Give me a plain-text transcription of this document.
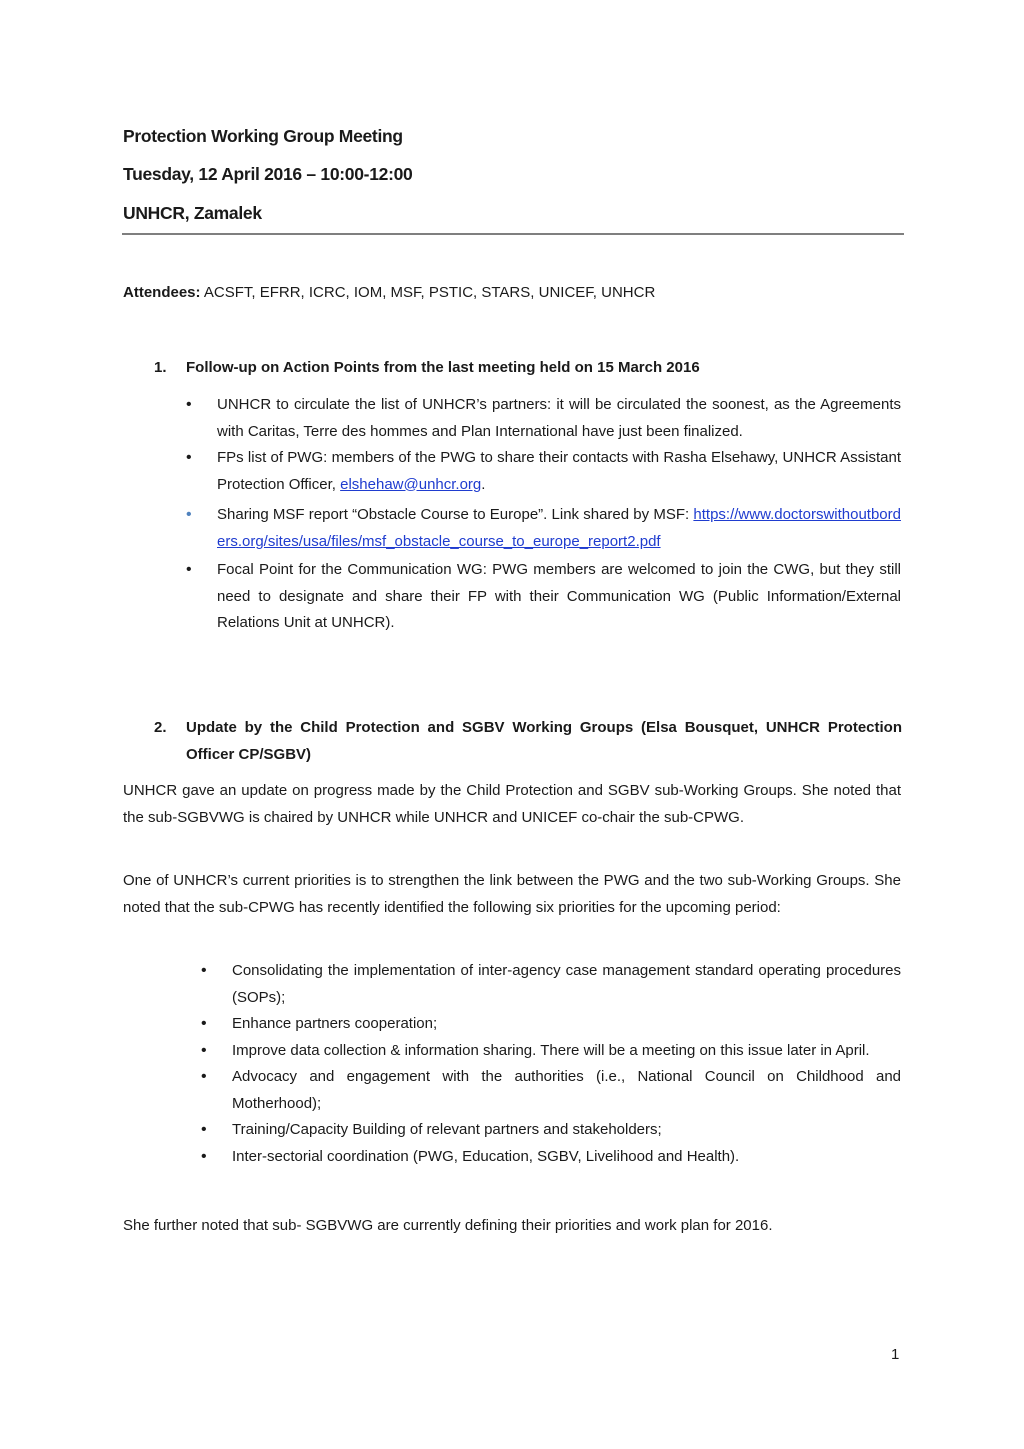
Protection Working Group Meeting
Tuesday, 12 April 2016 – 10:00-12:00
UNHCR, Zamalek
Attendees: ACSFT, EFRR, ICRC, IOM, MSF, PSTIC, STARS, UNICEF, UNHCR
1. Follow-up on Action Points from the last meeting held on 15 March 2016
• UNHCR to circulate the list of UNHCR’s partners: it will be circulated the soonest, as the Agreements with Caritas, Terre des hommes and Plan International have just been finalized.
• FPs list of PWG: members of the PWG to share their contacts with Rasha Elsehawy, UNHCR Assistant Protection Officer, elshehaw@unhcr.org.
• Sharing MSF report “Obstacle Course to Europe”. Link shared by MSF: https://www.doctorswithoutborders.org/sites/usa/files/msf_obstacle_course_to_europe_report2.pdf
• Focal Point for the Communication WG: PWG members are welcomed to join the CWG, but they still need to designate and share their FP with their Communication WG (Public Information/External Relations Unit at UNHCR).
2. Update by the Child Protection and SGBV Working Groups (Elsa Bousquet, UNHCR Protection Officer CP/SGBV)
UNHCR gave an update on progress made by the Child Protection and SGBV sub-Working Groups. She noted that the sub-SGBVWG is chaired by UNHCR while UNHCR and UNICEF co-chair the sub-CPWG.
One of UNHCR’s current priorities is to strengthen the link between the PWG and the two sub-Working Groups. She noted that the sub-CPWG has recently identified the following six priorities for the upcoming period:
• Consolidating the implementation of inter-agency case management standard operating procedures (SOPs);
• Enhance partners cooperation;
• Improve data collection & information sharing. There will be a meeting on this issue later in April.
• Advocacy and engagement with the authorities (i.e., National Council on Childhood and Motherhood);
• Training/Capacity Building of relevant partners and stakeholders;
• Inter-sectorial coordination (PWG, Education, SGBV, Livelihood and Health).
She further noted that sub- SGBVWG are currently defining their priorities and work plan for 2016.
1
